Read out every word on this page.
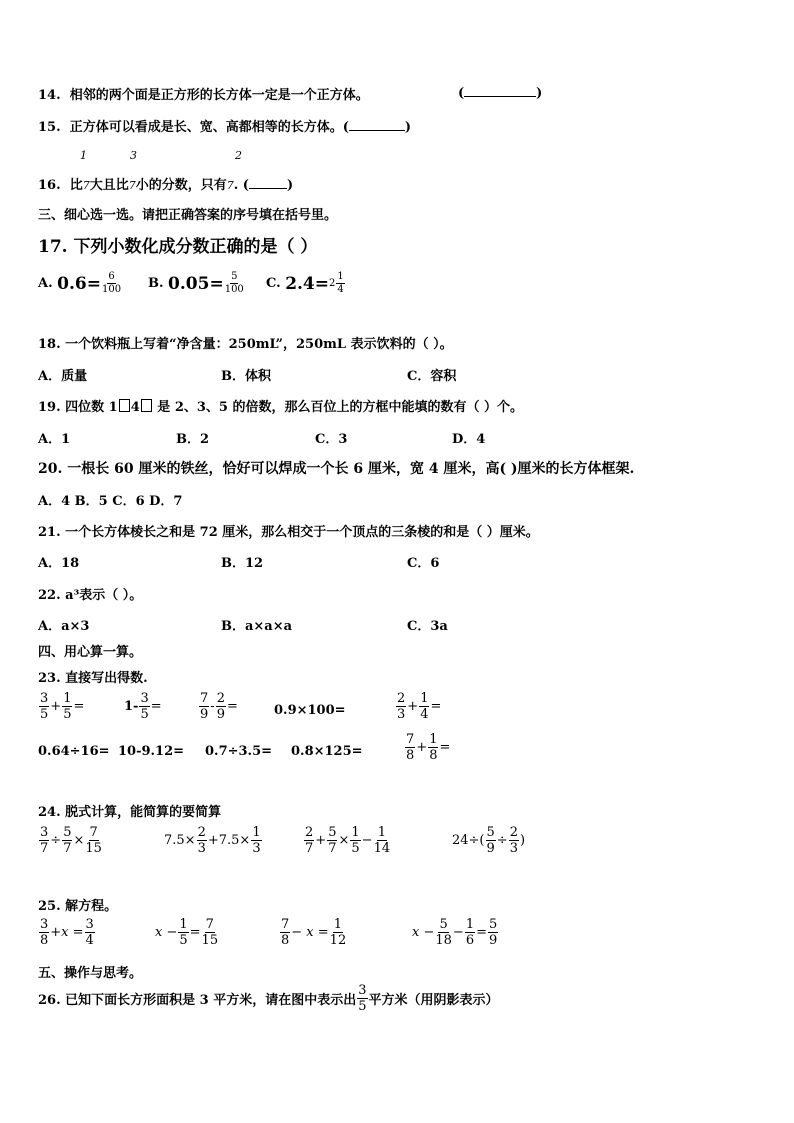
14. 相邻的两个面是正方形的长方体一定是一个正方体。	(	)
15. 正方体可以看成是长、宽、高都相等的长方体。(	)
1	3	2
16. 比7大且比7小的分数，只有7. (	)
三、细心选一选。请把正确答案的序号填在括号里。
17. 下列小数化成分数正确的是（ ）
A.
$0.6= \frac{6}{100} B$.
$0.05= \frac{5}{100} C$.
$2.4= 2 \frac{1}{4}$
18. 一个饮料瓶上写着“净含量：250mL”，250mL 表示饮料的（ ）。
A．质量	B．体积	C．容积
19. 四位数 1 4 是 2、3、5 的倍数，那么百位上的方框中能填的数有（ ）个。
A．1	B．2	C．3	D．4
20. 一根长 60 厘米的铁丝，恰好可以焊成一个长 6 厘米，宽 4 厘米，高( )厘米的长方体框架.
A．4 B．5 C．6 D．7
21. 一个长方体棱长之和是 72 厘米，那么相交于一个顶点的三条棱的和是（ ）厘米。
A．18	B．12	C．6
22. a³表示（ ）。
A．a×3	B．a×a×a	C．3a
四、用心算一算。
23. 直接写出得数.
$\frac{3}{5} + \frac{1}{5}$ =	$1- \frac{3}{5}$ =	$\frac{7}{9} - \frac{2}{9}$ =	0.9×100=	$\frac{2}{3} + \frac{1}{4}$ =
0.64÷16= 10-9.12= 0.7÷3.5= 0.8×125=	$\frac{7}{8} + \frac{1}{8}$ =
24. 脱式计算，能简算的要简算
$\frac{3}{7} \div \frac{5}{7} \times \frac{7}{15}$	$7.5\times \frac{2}{3} +7.5\times \frac{1}{3}$	$\frac{2}{7} + \frac{5}{7} \times \frac{1}{5} - \frac{1}{14}$	$24\div( \frac{5}{9} \div \frac{2}{3}$ )
25. 解方程。
$\frac{3}{8} +x = \frac{3}{4}$	$x - \frac{1}{5} = \frac{7}{15}$	$\frac{7}{8} - x = \frac{1}{12}$	$x - \frac{5}{18} - \frac{1}{6} = \frac{5}{9}$
五、操作与思考。
26. 已知下面长方形面积是 3 平方米，请在图中表示出 $\frac{3}{5}$ 平方米（用阴影表示）
